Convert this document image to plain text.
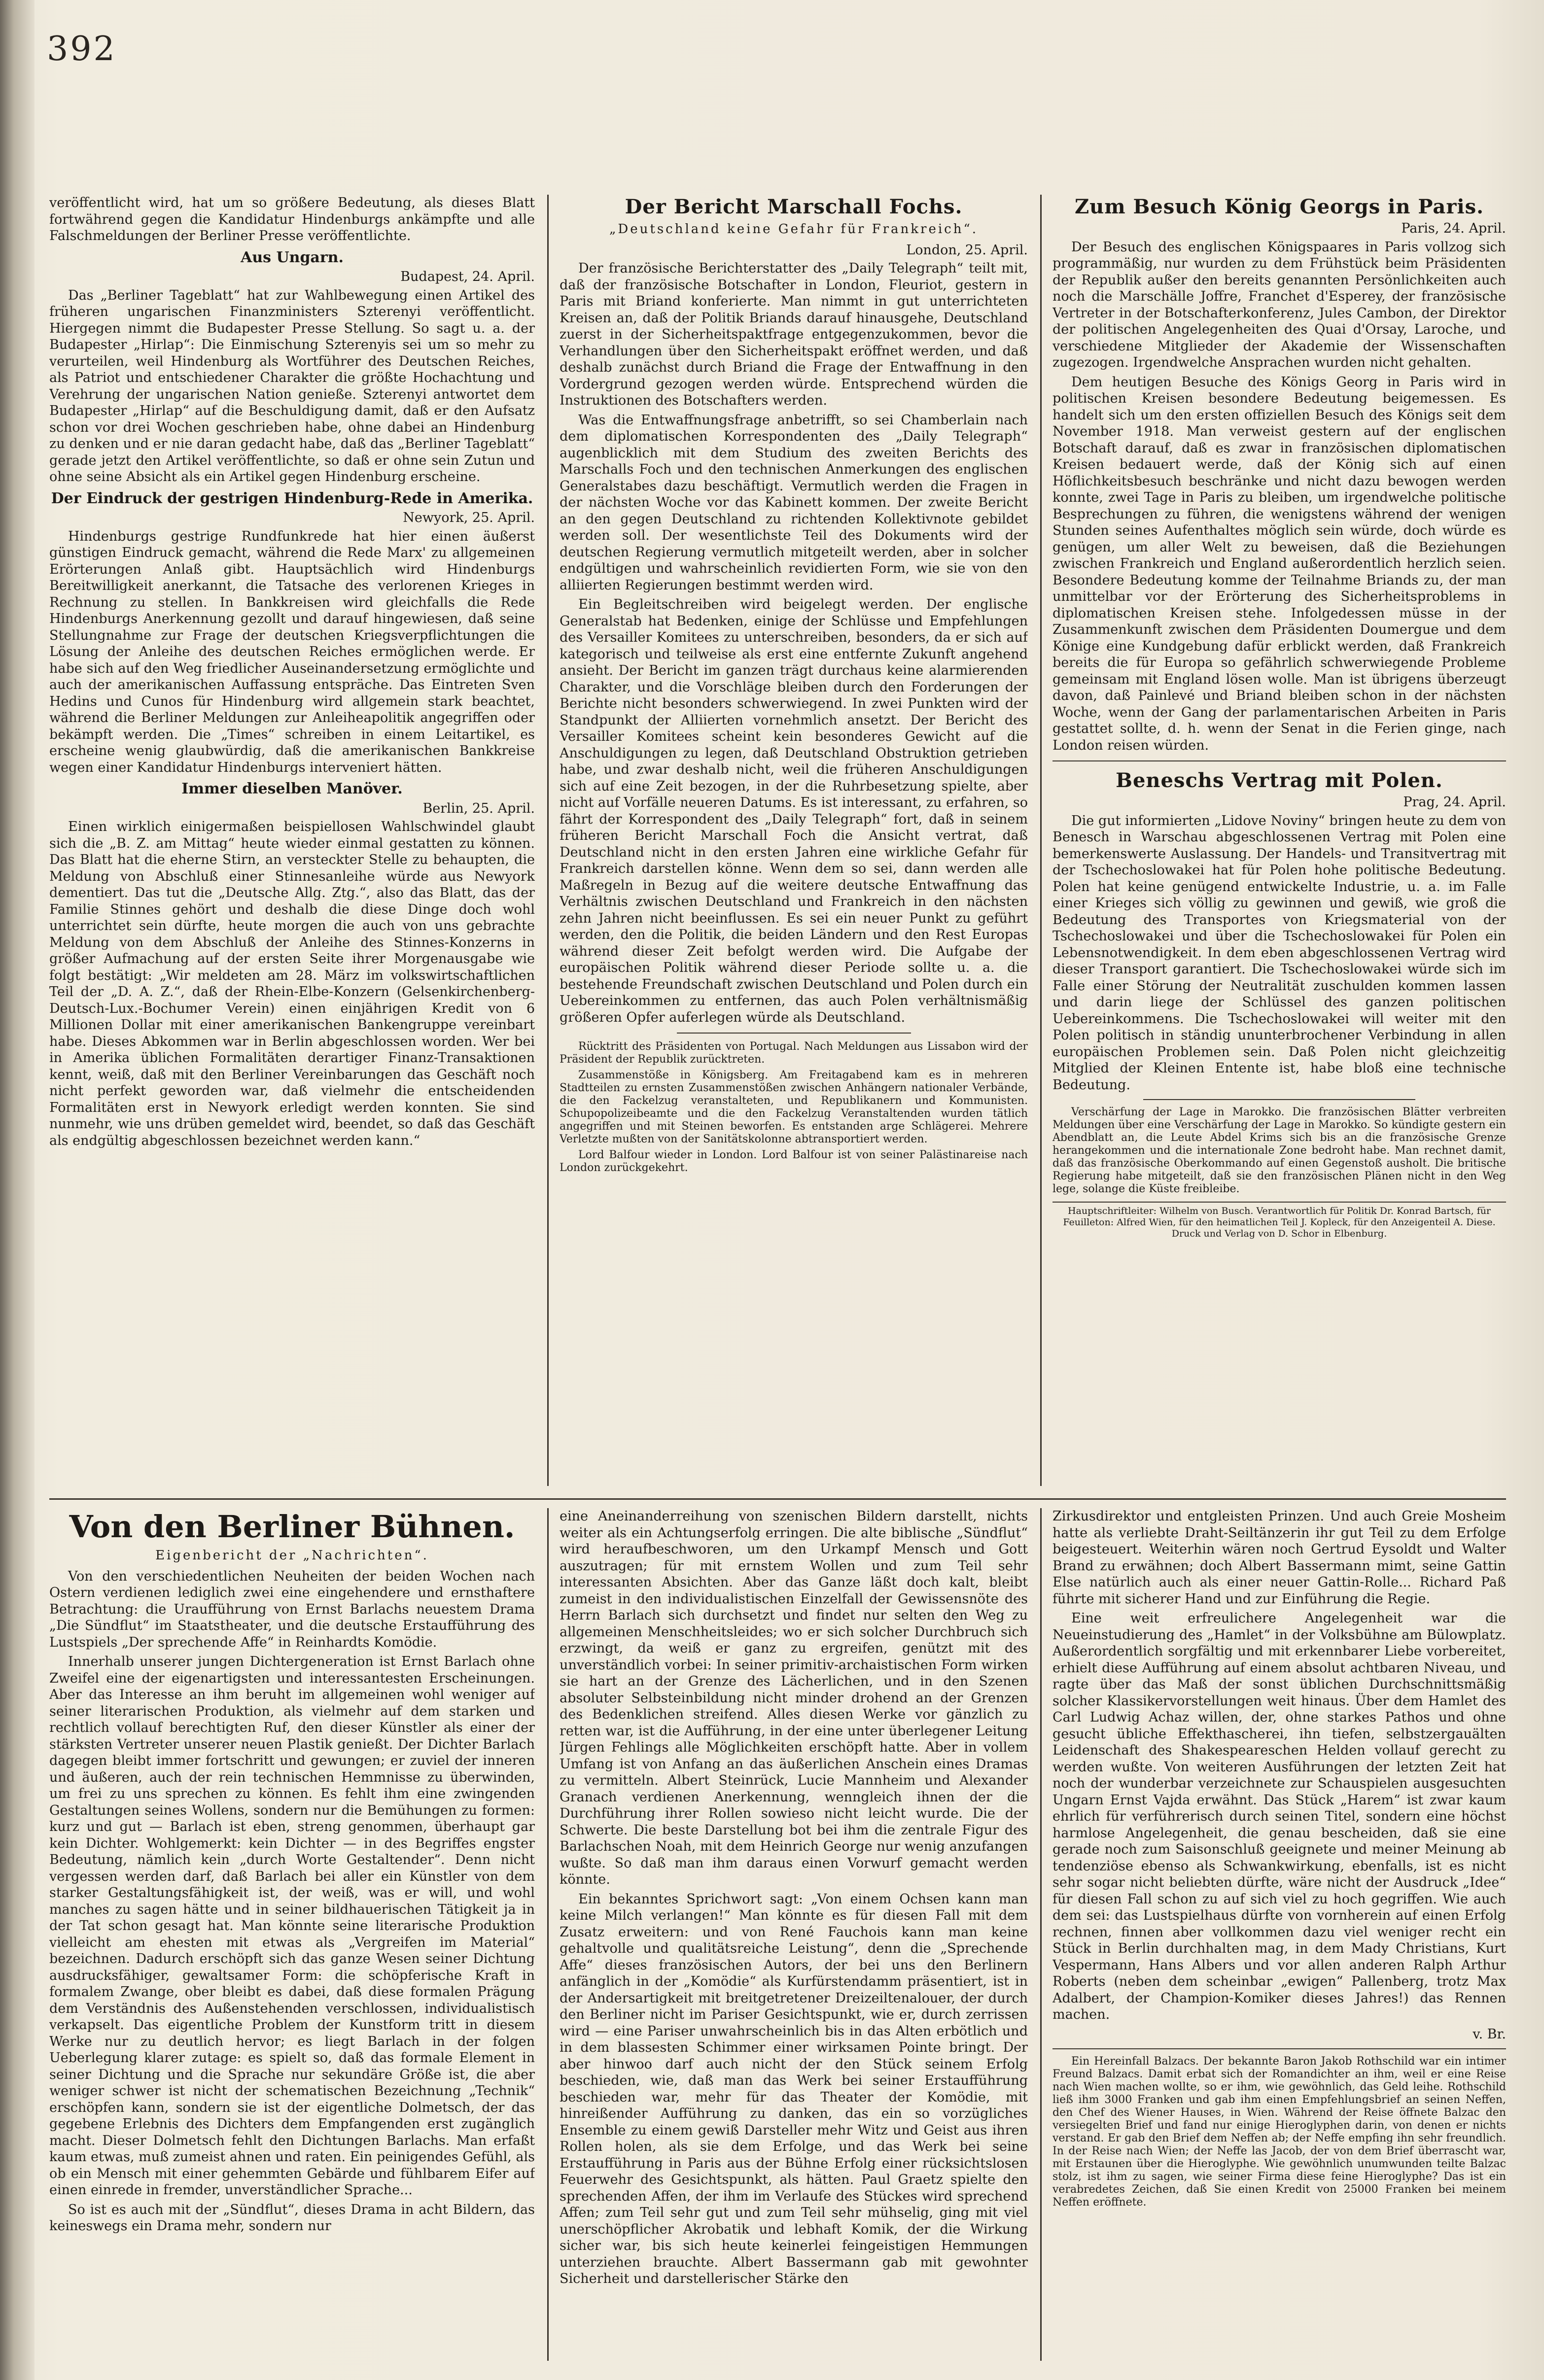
392

veröffentlicht wird, hat um so größere Bedeutung, als dieses Blatt fortwährend gegen die Kandidatur Hindenburgs ankämpfte und alle Falschmeldungen der Berliner Presse veröffentlichte.

Aus Ungarn.
Budapest, 24. April.

Das „Berliner Tageblatt“ hat zur Wahlbewegung einen Artikel des früheren ungarischen Finanzministers Szterenyi veröffentlicht. Hiergegen nimmt die Budapester Presse Stellung. So sagt u. a. der Budapester „Hirlap“: Die Einmischung Szterenyis sei um so mehr zu verurteilen, weil Hindenburg als Wortführer des Deutschen Reiches, als Patriot und entschiedener Charakter die größte Hochachtung und Verehrung der ungarischen Nation genieße. Szterenyi antwortet dem Budapester „Hirlap“ auf die Beschuldigung damit, daß er den Aufsatz schon vor drei Wochen geschrieben habe, ohne dabei an Hindenburg zu denken und er nie daran gedacht habe, daß das „Berliner Tageblatt“ gerade jetzt den Artikel veröffentlichte, so daß er ohne sein Zutun und ohne seine Absicht als ein Artikel gegen Hindenburg erscheine.

Der Eindruck der gestrigen Hindenburg-Rede in Amerika.
Newyork, 25. April.

Hindenburgs gestrige Rundfunkrede hat hier einen äußerst günstigen Eindruck gemacht, während die Rede Marx' zu allgemeinen Erörterungen Anlaß gibt. Hauptsächlich wird Hindenburgs Bereitwilligkeit anerkannt, die Tatsache des verlorenen Krieges in Rechnung zu stellen. In Bankkreisen wird gleichfalls die Rede Hindenburgs Anerkennung gezollt und darauf hingewiesen, daß seine Stellungnahme zur Frage der deutschen Kriegsverpflichtungen die Lösung der Anleihe des deutschen Reiches ermöglichen werde. Er habe sich auf den Weg friedlicher Auseinandersetzung ermöglichte und auch der amerikanischen Auffassung entspräche. Das Eintreten Sven Hedins und Cunos für Hindenburg wird allgemein stark beachtet, während die Berliner Meldungen zur Anleiheapolitik angegriffen oder bekämpft werden. Die „Times“ schreiben in einem Leitartikel, es erscheine wenig glaubwürdig, daß die amerikanischen Bankkreise wegen einer Kandidatur Hindenburgs interveniert hätten.

Immer dieselben Manöver.
Berlin, 25. April.

Einen wirklich einigermaßen beispiellosen Wahlschwindel glaubt sich die „B. Z. am Mittag“ heute wieder einmal gestatten zu können. Das Blatt hat die eherne Stirn, an versteckter Stelle zu behaupten, die Meldung von Abschluß einer Stinnesanleihe würde aus Newyork dementiert. Das tut die „Deutsche Allg. Ztg.“, also das Blatt, das der Familie Stinnes gehört und deshalb die diese Dinge doch wohl unterrichtet sein dürfte, heute morgen die auch von uns gebrachte Meldung von dem Abschluß der Anleihe des Stinnes-Konzerns in größer Aufmachung auf der ersten Seite ihrer Morgenausgabe wie folgt bestätigt: „Wir meldeten am 28. März im volkswirtschaftlichen Teil der „D. A. Z.“, daß der Rhein-Elbe-Konzern (Gelsenkirchenberg-Deutsch-Lux.-Bochumer Verein) einen einjährigen Kredit von 6 Millionen Dollar mit einer amerikanischen Bankengruppe vereinbart habe. Dieses Abkommen war in Berlin abgeschlossen worden. Wer bei in Amerika üblichen Formalitäten derartiger Finanz-Transaktionen kennt, weiß, daß mit den Berliner Vereinbarungen das Geschäft noch nicht perfekt geworden war, daß vielmehr die entscheidenden Formalitäten erst in Newyork erledigt werden konnten. Sie sind nunmehr, wie uns drüben gemeldet wird, beendet, so daß das Geschäft als endgültig abgeschlossen bezeichnet werden kann.“

Der Bericht Marschall Fochs.
„Deutschland keine Gefahr für Frankreich“.
London, 25. April.

Der französische Berichterstatter des „Daily Telegraph“ teilt mit, daß der französische Botschafter in London, Fleuriot, gestern in Paris mit Briand konferierte. Man nimmt in gut unterrichteten Kreisen an, daß der Politik Briands darauf hinausgehe, Deutschland zuerst in der Sicherheitspaktfrage entgegenzukommen, bevor die Verhandlungen über den Sicherheitspakt eröffnet werden, und daß deshalb zunächst durch Briand die Frage der Entwaffnung in den Vordergrund gezogen werden würde. Entsprechend würden die Instruktionen des Botschafters werden.

Was die Entwaffnungsfrage anbetrifft, so sei Chamberlain nach dem diplomatischen Korrespondenten des „Daily Telegraph“ augenblicklich mit dem Studium des zweiten Berichts des Marschalls Foch und den technischen Anmerkungen des englischen Generalstabes dazu beschäftigt. Vermutlich werden die Fragen in der nächsten Woche vor das Kabinett kommen. Der zweite Bericht an den gegen Deutschland zu richtenden Kollektivnote gebildet werden soll. Der wesentlichste Teil des Dokuments wird der deutschen Regierung vermutlich mitgeteilt werden, aber in solcher endgültigen und wahrscheinlich revidierten Form, wie sie von den alliierten Regierungen bestimmt werden wird.

Ein Begleitschreiben wird beigelegt werden. Der englische Generalstab hat Bedenken, einige der Schlüsse und Empfehlungen des Versailler Komitees zu unterschreiben, besonders, da er sich auf kategorisch und teilweise als erst eine entfernte Zukunft angehend ansieht. Der Bericht im ganzen trägt durchaus keine alarmierenden Charakter, und die Vorschläge bleiben durch den Forderungen der Berichte nicht besonders schwerwiegend. In zwei Punkten wird der Standpunkt der Alliierten vornehmlich ansetzt. Der Bericht des Versailler Komitees scheint kein besonderes Gewicht auf die Anschuldigungen zu legen, daß Deutschland Obstruktion getrieben habe, und zwar deshalb nicht, weil die früheren Anschuldigungen sich auf eine Zeit bezogen, in der die Ruhrbesetzung spielte, aber nicht auf Vorfälle neueren Datums. Es ist interessant, zu erfahren, so fährt der Korrespondent des „Daily Telegraph“ fort, daß in seinem früheren Bericht Marschall Foch die Ansicht vertrat, daß Deutschland nicht in den ersten Jahren eine wirkliche Gefahr für Frankreich darstellen könne. Wenn dem so sei, dann werden alle Maßregeln in Bezug auf die weitere deutsche Entwaffnung das Verhältnis zwischen Deutschland und Frankreich in den nächsten zehn Jahren nicht beeinflussen. Es sei ein neuer Punkt zu geführt werden, den die Politik, die beiden Ländern und den Rest Europas während dieser Zeit befolgt werden wird. Die Aufgabe der europäischen Politik während dieser Periode sollte u. a. die bestehende Freundschaft zwischen Deutschland und Polen durch ein Uebereinkommen zu entfernen, das auch Polen verhältnismäßig größeren Opfer auferlegen würde als Deutschland.

Rücktritt des Präsidenten von Portugal. Nach Meldungen aus Lissabon wird der Präsident der Republik zurücktreten.

Zusammenstöße in Königsberg. Am Freitagabend kam es in mehreren Stadtteilen zu ernsten Zusammenstößen zwischen Anhängern nationaler Verbände, die den Fackelzug veranstalteten, und Republikanern und Kommunisten. Schupopolizeibeamte und die den Fackelzug Veranstaltenden wurden tätlich angegriffen und mit Steinen beworfen. Es entstanden arge Schlägerei. Mehrere Verletzte mußten von der Sanitätskolonne abtransportiert werden.

Lord Balfour wieder in London. Lord Balfour ist von seiner Palästinareise nach London zurückgekehrt.

Zum Besuch König Georgs in Paris.
Paris, 24. April.

Der Besuch des englischen Königspaares in Paris vollzog sich programmäßig, nur wurden zu dem Frühstück beim Präsidenten der Republik außer den bereits genannten Persönlichkeiten auch noch die Marschälle Joffre, Franchet d'Esperey, der französische Vertreter in der Botschafterkonferenz, Jules Cambon, der Direktor der politischen Angelegenheiten des Quai d'Orsay, Laroche, und verschiedene Mitglieder der Akademie der Wissenschaften zugezogen. Irgendwelche Ansprachen wurden nicht gehalten.

Dem heutigen Besuche des Königs Georg in Paris wird in politischen Kreisen besondere Bedeutung beigemessen. Es handelt sich um den ersten offiziellen Besuch des Königs seit dem November 1918. Man verweist gestern auf der englischen Botschaft darauf, daß es zwar in französischen diplomatischen Kreisen bedauert werde, daß der König sich auf einen Höflichkeitsbesuch beschränke und nicht dazu bewogen werden konnte, zwei Tage in Paris zu bleiben, um irgendwelche politische Besprechungen zu führen, die wenigstens während der wenigen Stunden seines Aufenthaltes möglich sein würde, doch würde es genügen, um aller Welt zu beweisen, daß die Beziehungen zwischen Frankreich und England außerordentlich herzlich seien. Besondere Bedeutung komme der Teilnahme Briands zu, der man unmittelbar vor der Erörterung des Sicherheitsproblems in diplomatischen Kreisen stehe. Infolgedessen müsse in der Zusammenkunft zwischen dem Präsidenten Doumergue und dem Könige eine Kundgebung dafür erblickt werden, daß Frankreich bereits die für Europa so gefährlich schwerwiegende Probleme gemeinsam mit England lösen wolle. Man ist übrigens überzeugt davon, daß Painlevé und Briand bleiben schon in der nächsten Woche, wenn der Gang der parlamentarischen Arbeiten in Paris gestattet sollte, d. h. wenn der Senat in die Ferien ginge, nach London reisen würden.

Beneschs Vertrag mit Polen.
Prag, 24. April.

Die gut informierten „Lidove Noviny“ bringen heute zu dem von Benesch in Warschau abgeschlossenen Vertrag mit Polen eine bemerkenswerte Auslassung. Der Handels- und Transitvertrag mit der Tschechoslowakei hat für Polen hohe politische Bedeutung. Polen hat keine genügend entwickelte Industrie, u. a. im Falle einer Krieges sich völlig zu gewinnen und gewiß, wie groß die Bedeutung des Transportes von Kriegsmaterial von der Tschechoslowakei und über die Tschechoslowakei für Polen ein Lebensnotwendigkeit. In dem eben abgeschlossenen Vertrag wird dieser Transport garantiert. Die Tschechoslowakei würde sich im Falle einer Störung der Neutralität zuschulden kommen lassen und darin liege der Schlüssel des ganzen politischen Uebereinkommens. Die Tschechoslowakei will weiter mit den Polen politisch in ständig ununterbrochener Verbindung in allen europäischen Problemen sein. Daß Polen nicht gleichzeitig Mitglied der Kleinen Entente ist, habe bloß eine technische Bedeutung.

Verschärfung der Lage in Marokko. Die französischen Blätter verbreiten Meldungen über eine Verschärfung der Lage in Marokko. So kündigte gestern ein Abendblatt an, die Leute Abdel Krims sich bis an die französische Grenze herangekommen und die internationale Zone bedroht habe. Man rechnet damit, daß das französische Oberkommando auf einen Gegenstoß ausholt. Die britische Regierung habe mitgeteilt, daß sie den französischen Plänen nicht in den Weg lege, solange die Küste freibleibe.

Hauptschriftleiter: Wilhelm von Busch. Verantwortlich für Politik Dr. Konrad Bartsch, für Feuilleton: Alfred Wien, für den heimatlichen Teil J. Kopleck, für den Anzeigenteil A. Diese. Druck und Verlag von D. Schor in Elbenburg.
Von den Berliner Bühnen.
Eigenbericht der „Nachrichten“.

Von den verschiedentlichen Neuheiten der beiden Wochen nach Ostern verdienen lediglich zwei eine eingehendere und ernsthaftere Betrachtung: die Uraufführung von Ernst Barlachs neuestem Drama „Die Sündflut“ im Staatstheater, und die deutsche Erstaufführung des Lustspiels „Der sprechende Affe“ in Reinhardts Komödie.

Innerhalb unserer jungen Dichtergeneration ist Ernst Barlach ohne Zweifel eine der eigenartigsten und interessantesten Erscheinungen. Aber das Interesse an ihm beruht im allgemeinen wohl weniger auf seiner literarischen Produktion, als vielmehr auf dem starken und rechtlich vollauf berechtigten Ruf, den dieser Künstler als einer der stärksten Vertreter unserer neuen Plastik genießt. Der Dichter Barlach dagegen bleibt immer fortschritt und gewungen; er zuviel der inneren und äußeren, auch der rein technischen Hemmnisse zu überwinden, um frei zu uns sprechen zu können. Es fehlt ihm eine zwingenden Gestaltungen seines Wollens, sondern nur die Bemühungen zu formen: kurz und gut — Barlach ist eben, streng genommen, überhaupt gar kein Dichter. Wohlgemerkt: kein Dichter — in des Begriffes engster Bedeutung, nämlich kein „durch Worte Gestaltender“. Denn nicht vergessen werden darf, daß Barlach bei aller ein Künstler von dem starker Gestaltungsfähigkeit ist, der weiß, was er will, und wohl manches zu sagen hätte und in seiner bildhauerischen Tätigkeit ja in der Tat schon gesagt hat. Man könnte seine literarische Produktion vielleicht am ehesten mit etwas als „Vergreifen im Material“ bezeichnen. Dadurch erschöpft sich das ganze Wesen seiner Dichtung ausdrucksfähiger, gewaltsamer Form: die schöpferische Kraft in formalem Zwange, ober bleibt es dabei, daß diese formalen Prägung dem Verständnis des Außenstehenden verschlossen, individualistisch verkapselt. Das eigentliche Problem der Kunstform tritt in diesem Werke nur zu deutlich hervor; es liegt Barlach in der folgen Ueberlegung klarer zutage: es spielt so, daß das formale Element in seiner Dichtung und die Sprache nur sekundäre Größe ist, die aber weniger schwer ist nicht der schematischen Bezeichnung „Technik“ erschöpfen kann, sondern sie ist der eigentliche Dolmetsch, der das gegebene Erlebnis des Dichters dem Empfangenden erst zugänglich macht. Dieser Dolmetsch fehlt den Dichtungen Barlachs. Man erfaßt kaum etwas, muß zumeist ahnen und raten. Ein peinigendes Gefühl, als ob ein Mensch mit einer gehemmten Gebärde und fühlbarem Eifer auf einen einrede in fremder, unverständlicher Sprache...

So ist es auch mit der „Sündflut“, dieses Drama in acht Bildern, das keineswegs ein Drama mehr, sondern nur

eine Aneinanderreihung von szenischen Bildern darstellt, nichts weiter als ein Achtungserfolg erringen. Die alte biblische „Sündflut“ wird heraufbeschworen, um den Urkampf Mensch und Gott auszutragen; für mit ernstem Wollen und zum Teil sehr interessanten Absichten. Aber das Ganze läßt doch kalt, bleibt zumeist in den individualistischen Einzelfall der Gewissensnöte des Herrn Barlach sich durchsetzt und findet nur selten den Weg zu allgemeinen Menschheitsleides; wo er sich solcher Durchbruch sich erzwingt, da weiß er ganz zu ergreifen, genützt mit des unverständlich vorbei: In seiner primitiv-archaistischen Form wirken sie hart an der Grenze des Lächerlichen, und in den Szenen absoluter Selbsteinbildung nicht minder drohend an der Grenzen des Bedenklichen streifend. Alles diesen Werke vor gänzlich zu retten war, ist die Aufführung, in der eine unter überlegener Leitung Jürgen Fehlings alle Möglichkeiten erschöpft hatte. Aber in vollem Umfang ist von Anfang an das äußerlichen Anschein eines Dramas zu vermitteln. Albert Steinrück, Lucie Mannheim und Alexander Granach verdienen Anerkennung, wenngleich ihnen der die Durchführung ihrer Rollen sowieso nicht leicht wurde. Die der Schwerte. Die beste Darstellung bot bei ihm die zentrale Figur des Barlachschen Noah, mit dem Heinrich George nur wenig anzufangen wußte. So daß man ihm daraus einen Vorwurf gemacht werden könnte.

Ein bekanntes Sprichwort sagt: „Von einem Ochsen kann man keine Milch verlangen!“ Man könnte es für diesen Fall mit dem Zusatz erweitern: und von René Fauchois kann man keine gehaltvolle und qualitätsreiche Leistung“, denn die „Sprechende Affe“ dieses französischen Autors, der bei uns den Berlinern anfänglich in der „Komödie“ als Kurfürstendamm präsentiert, ist in der Andersartigkeit mit breitgetretener Dreizeiltenalouer, der durch den Berliner nicht im Pariser Gesichtspunkt, wie er, durch zerrissen wird — eine Pariser unwahrscheinlich bis in das Alten erbötlich und in dem blassesten Schimmer einer wirksamen Pointe bringt. Der aber hinwoo darf auch nicht der den Stück seinem Erfolg beschieden, wie, daß man das Werk bei seiner Erstaufführung beschieden war, mehr für das Theater der Komödie, mit hinreißender Aufführung zu danken, das ein so vorzügliches Ensemble zu einem gewiß Darsteller mehr Witz und Geist aus ihren Rollen holen, als sie dem Erfolge, und das Werk bei seine Erstaufführung in Paris aus der Bühne Erfolg einer rücksichtslosen Feuerwehr des Gesichtspunkt, als hätten. Paul Graetz spielte den sprechenden Affen, der ihm im Verlaufe des Stückes wird sprechend Affen; zum Teil sehr gut und zum Teil sehr mühselig, ging mit viel unerschöpflicher Akrobatik und lebhaft Komik, der die Wirkung sicher war, bis sich heute keinerlei feingeistigen Hemmungen unterziehen brauchte. Albert Bassermann gab mit gewohnter Sicherheit und darstellerischer Stärke den

Zirkusdirektor und entgleisten Prinzen. Und auch Greie Mosheim hatte als verliebte Draht-Seiltänzerin ihr gut Teil zu dem Erfolge beigesteuert. Weiterhin wären noch Gertrud Eysoldt und Walter Brand zu erwähnen; doch Albert Bassermann mimt, seine Gattin Else natürlich auch als einer neuer Gattin-Rolle... Richard Paß führte mit sicherer Hand und zur Einführung die Regie.

Eine weit erfreulichere Angelegenheit war die Neueinstudierung des „Hamlet“ in der Volksbühne am Bülowplatz. Außerordentlich sorgfältig und mit erkennbarer Liebe vorbereitet, erhielt diese Aufführung auf einem absolut achtbaren Niveau, und ragte über das Maß der sonst üblichen Durchschnittsmäßig solcher Klassikervorstellungen weit hinaus. Über dem Hamlet des Carl Ludwig Achaz willen, der, ohne starkes Pathos und ohne gesucht übliche Effekthascherei, ihn tiefen, selbstzergauälten Leidenschaft des Shakespeareschen Helden vollauf gerecht zu werden wußte. Von weiteren Ausführungen der letzten Zeit hat noch der wunderbar verzeichnete zur Schauspielen ausgesuchten Ungarn Ernst Vajda erwähnt. Das Stück „Harem“ ist zwar kaum ehrlich für verführerisch durch seinen Titel, sondern eine höchst harmlose Angelegenheit, die genau bescheiden, daß sie eine gerade noch zum Saisonschluß geeignete und meiner Meinung ab tendenziöse ebenso als Schwankwirkung, ebenfalls, ist es nicht sehr sogar nicht beliebten dürfte, wäre nicht der Ausdruck „Idee“ für diesen Fall schon zu auf sich viel zu hoch gegriffen. Wie auch dem sei: das Lustspielhaus dürfte von vornherein auf einen Erfolg rechnen, finnen aber vollkommen dazu viel weniger recht ein Stück in Berlin durchhalten mag, in dem Mady Christians, Kurt Vespermann, Hans Albers und vor allen anderen Ralph Arthur Roberts (neben dem scheinbar „ewigen“ Pallenberg, trotz Max Adalbert, der Champion-Komiker dieses Jahres!) das Rennen machen.

v. Br.

Ein Hereinfall Balzacs. Der bekannte Baron Jakob Rothschild war ein intimer Freund Balzacs. Damit erbat sich der Romandichter an ihm, weil er eine Reise nach Wien machen wollte, so er ihm, wie gewöhnlich, das Geld leihe. Rothschild ließ ihm 3000 Franken und gab ihm einen Empfehlungsbrief an seinen Neffen, den Chef des Wiener Hauses, in Wien. Während der Reise öffnete Balzac den versiegelten Brief und fand nur einige Hieroglyphen darin, von denen er nichts verstand. Er gab den Brief dem Neffen ab; der Neffe empfing ihn sehr freundlich. In der Reise nach Wien; der Neffe las Jacob, der von dem Brief überrascht war, mit Erstaunen über die Hieroglyphe. Wie gewöhnlich unumwunden teilte Balzac stolz, ist ihm zu sagen, wie seiner Firma diese feine Hieroglyphe? Das ist ein verabredetes Zeichen, daß Sie einen Kredit von 25000 Franken bei meinem Neffen eröffnete.
